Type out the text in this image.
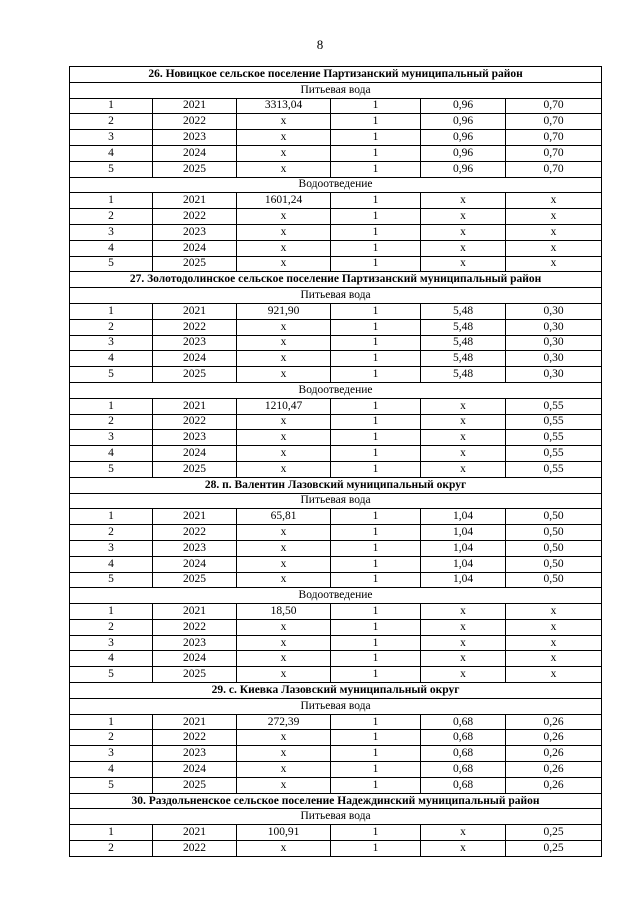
8
26. Новицкое сельское поселение Партизанский муниципальный район					
Питьевая вода					
1	2021	3313,04	1	0,96	0,70
2	2022	x	1	0,96	0,70
3	2023	x	1	0,96	0,70
4	2024	x	1	0,96	0,70
5	2025	x	1	0,96	0,70
Водоотведение					
1	2021	1601,24	1	x	x
2	2022	x	1	x	x
3	2023	x	1	x	x
4	2024	x	1	x	x
5	2025	x	1	x	x
27. Золотодолинское сельское поселение Партизанский муниципальный район					
Питьевая вода					
1	2021	921,90	1	5,48	0,30
2	2022	x	1	5,48	0,30
3	2023	x	1	5,48	0,30
4	2024	x	1	5,48	0,30
5	2025	x	1	5,48	0,30
Водоотведение					
1	2021	1210,47	1	x	0,55
2	2022	x	1	x	0,55
3	2023	x	1	x	0,55
4	2024	x	1	x	0,55
5	2025	x	1	x	0,55
28. п. Валентин Лазовский муниципальный округ					
Питьевая вода					
1	2021	65,81	1	1,04	0,50
2	2022	x	1	1,04	0,50
3	2023	x	1	1,04	0,50
4	2024	x	1	1,04	0,50
5	2025	x	1	1,04	0,50
Водоотведение					
1	2021	18,50	1	x	x
2	2022	x	1	x	x
3	2023	x	1	x	x
4	2024	x	1	x	x
5	2025	x	1	x	x
29. с. Киевка Лазовский муниципальный округ					
Питьевая вода					
1	2021	272,39	1	0,68	0,26
2	2022	x	1	0,68	0,26
3	2023	x	1	0,68	0,26
4	2024	x	1	0,68	0,26
5	2025	x	1	0,68	0,26
30. Раздольненское сельское поселение Надеждинский муниципальный район					
Питьевая вода					
1	2021	100,91	1	x	0,25
2	2022	x	1	x	0,25
